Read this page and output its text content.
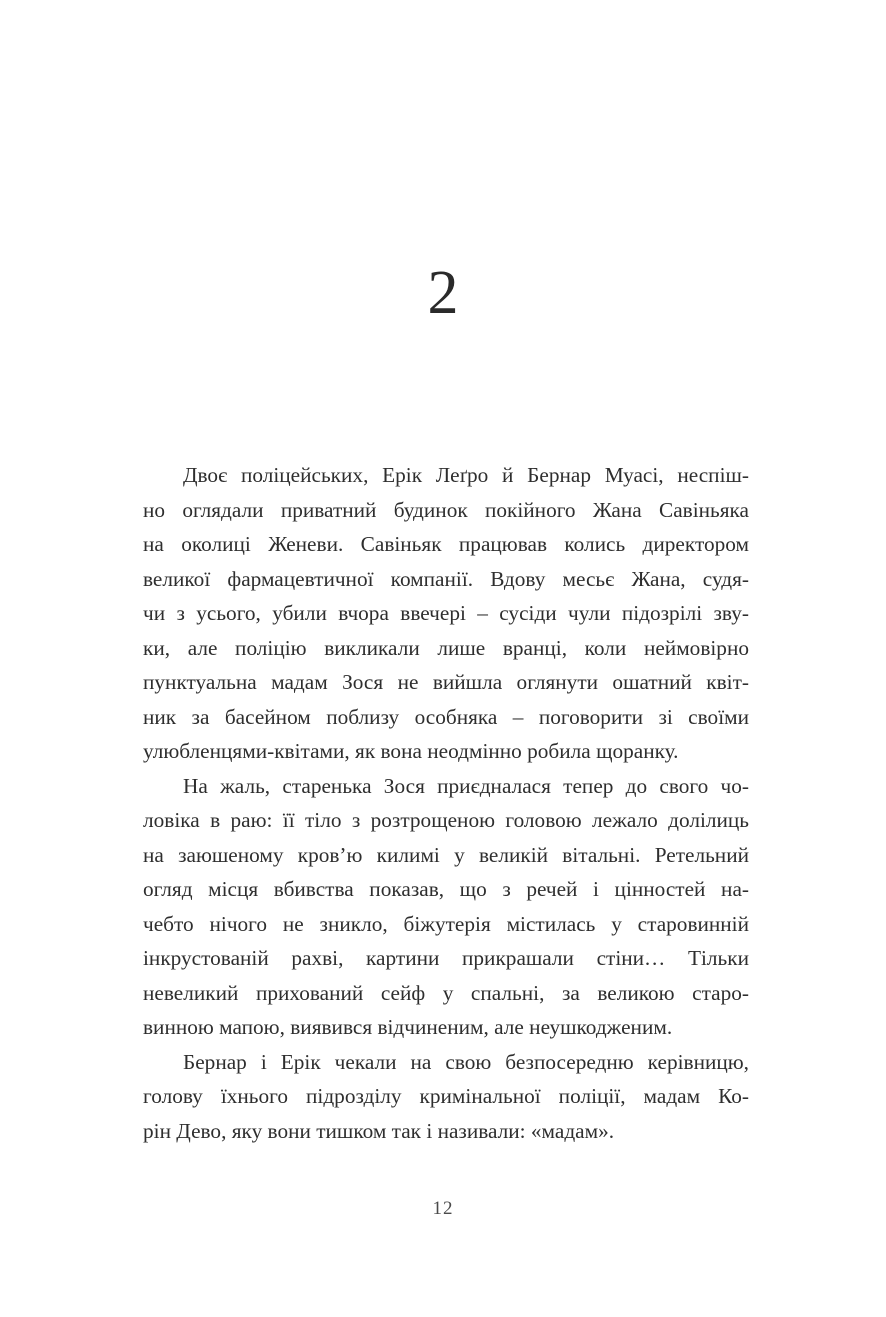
2
Двоє поліцейських, Ерік Леґро й Бернар Муасі, неспіш-
но оглядали приватний будинок покійного Жана Савіньяка
на околиці Женеви. Савіньяк працював колись директором
великої фармацевтичної компанії. Вдову месьє Жана, судя-
чи з усього, убили вчора ввечері – сусіди чули підозрілі зву-
ки, але поліцію викликали лише вранці, коли неймовірно
пунктуальна мадам Зося не вийшла оглянути ошатний квіт-
ник за басейном поблизу особняка – поговорити зі своїми
улюбленцями-квітами, як вона неодмінно робила щоранку.
На жаль, старенька Зося приєдналася тепер до свого чо-
ловіка в раю: її тіло з розтрощеною головою лежало долілиць
на заюшеному кров’ю килимі у великій вітальні. Ретельний
огляд місця вбивства показав, що з речей і цінностей на-
чебто нічого не зникло, біжутерія містилась у старовинній
інкрустованій рахві, картини прикрашали стіни… Тільки
невеликий прихований сейф у спальні, за великою старо-
винною мапою, виявився відчиненим, але неушкодженим.
Бернар і Ерік чекали на свою безпосередню керівницю,
голову їхнього підрозділу кримінальної поліції, мадам Ко-
рін Дево, яку вони тишком так і називали: «мадам».
12
